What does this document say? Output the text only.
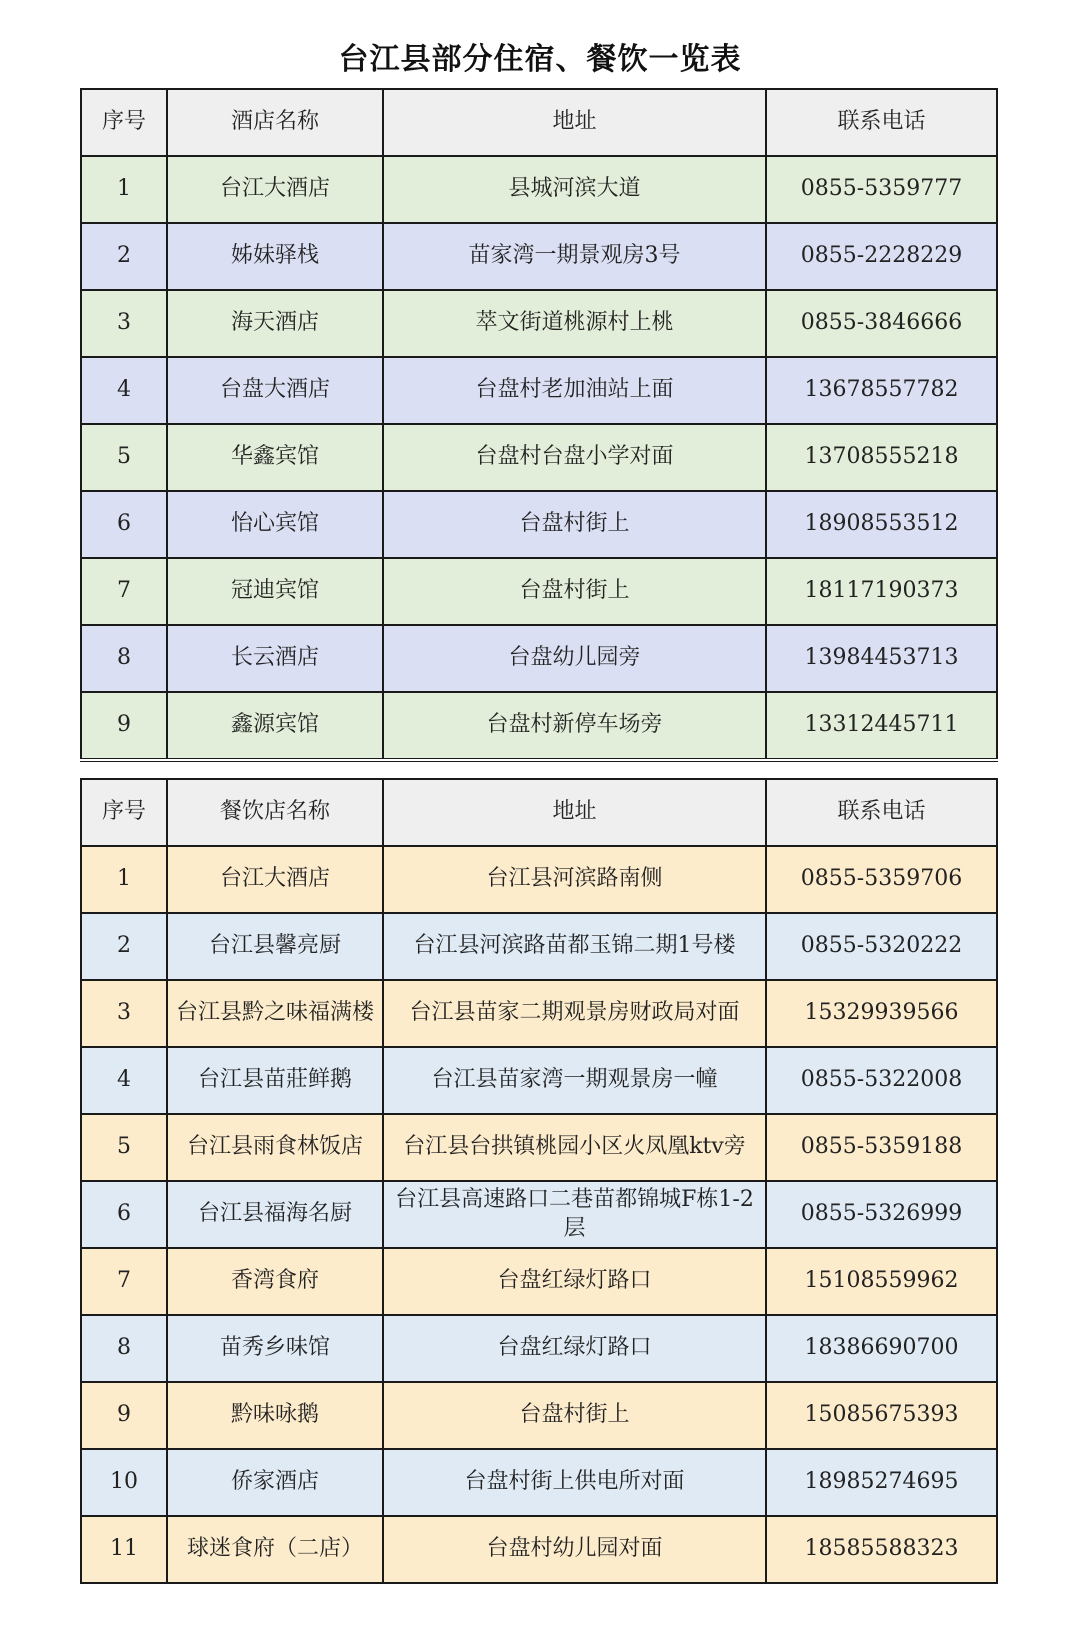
台江县部分住宿、餐饮一览表
序号	酒店名称	地址	联系电话
1	台江大酒店	县城河滨大道	0855-5359777
2	姊妹驿栈	苗家湾一期景观房3号	0855-2228229
3	海天酒店	萃文街道桃源村上桃	0855-3846666
4	台盘大酒店	台盘村老加油站上面	13678557782
5	华鑫宾馆	台盘村台盘小学对面	13708555218
6	怡心宾馆	台盘村街上	18908553512
7	冠迪宾馆	台盘村街上	18117190373
8	长云酒店	台盘幼儿园旁	13984453713
9	鑫源宾馆	台盘村新停车场旁	13312445711
序号	餐饮店名称	地址	联系电话
1	台江大酒店	台江县河滨路南侧	0855-5359706
2	台江县馨亮厨	台江县河滨路苗都玉锦二期1号楼	0855-5320222
3	台江县黔之味福满楼	台江县苗家二期观景房财政局对面	15329939566
4	台江县苗莊鲜鹅	台江县苗家湾一期观景房一幢	0855-5322008
5	台江县雨食林饭店	台江县台拱镇桃园小区火凤凰ktv旁	0855-5359188
6	台江县福海名厨	台江县高速路口二巷苗都锦城F栋1-2层	0855-5326999
7	香湾食府	台盘红绿灯路口	15108559962
8	苗秀乡味馆	台盘红绿灯路口	18386690700
9	黔味咏鹅	台盘村街上	15085675393
10	侨家酒店	台盘村街上供电所对面	18985274695
11	球迷食府（二店）	台盘村幼儿园对面	18585588323
